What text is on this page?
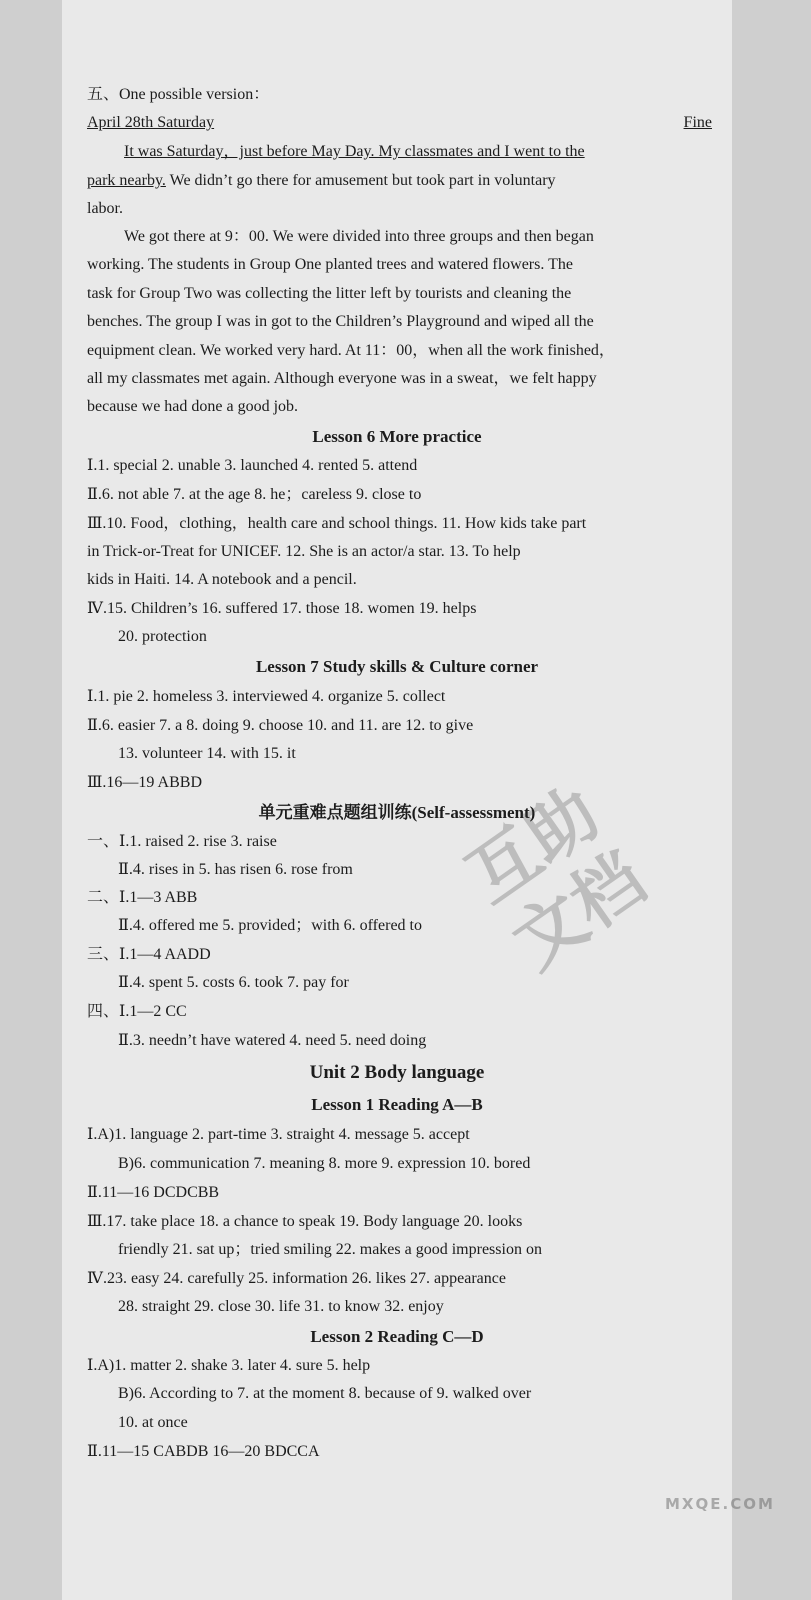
五、One possible version：
April 28th Saturday	Fine
It was Saturday，just before May Day. My classmates and I went to the
park nearby. We didn’t go there for amusement but took part in voluntary
labor.
We got there at 9：00. We were divided into three groups and then began
working. The students in Group One planted trees and watered flowers. The
task for Group Two was collecting the litter left by tourists and cleaning the
benches. The group I was in got to the Children’s Playground and wiped all the
equipment clean. We worked very hard. At 11：00，when all the work finished，
all my classmates met again. Although everyone was in a sweat，we felt happy
because we had done a good job.
Lesson 6 More practice
Ⅰ.1. special 2. unable 3. launched 4. rented 5. attend
Ⅱ.6. not able 7. at the age 8. he；careless 9. close to
Ⅲ.10. Food，clothing，health care and school things. 11. How kids take part
in Trick-or-Treat for UNICEF. 12. She is an actor/a star. 13. To help
kids in Haiti. 14. A notebook and a pencil.
Ⅳ.15. Children’s 16. suffered 17. those 18. women 19. helps
20. protection
Lesson 7 Study skills & Culture corner
Ⅰ.1. pie 2. homeless 3. interviewed 4. organize 5. collect
Ⅱ.6. easier 7. a 8. doing 9. choose 10. and 11. are 12. to give
13. volunteer 14. with 15. it
Ⅲ.16—19 ABBD
单元重难点题组训练(Self-assessment)
一、Ⅰ.1. raised 2. rise 3. raise
Ⅱ.4. rises in 5. has risen 6. rose from
二、Ⅰ.1—3 ABB
Ⅱ.4. offered me 5. provided；with 6. offered to
三、Ⅰ.1—4 AADD
Ⅱ.4. spent 5. costs 6. took 7. pay for
四、Ⅰ.1—2 CC
Ⅱ.3. needn’t have watered 4. need 5. need doing
Unit 2 Body language
Lesson 1 Reading A—B
Ⅰ.A)1. language 2. part-time 3. straight 4. message 5. accept
B)6. communication 7. meaning 8. more 9. expression 10. bored
Ⅱ.11—16 DCDCBB
Ⅲ.17. take place 18. a chance to speak 19. Body language 20. looks
friendly 21. sat up；tried smiling 22. makes a good impression on
Ⅳ.23. easy 24. carefully 25. information 26. likes 27. appearance
28. straight 29. close 30. life 31. to know 32. enjoy
Lesson 2 Reading C—D
Ⅰ.A)1. matter 2. shake 3. later 4. sure 5. help
B)6. According to 7. at the moment 8. because of 9. walked over
10. at once
Ⅱ.11—15 CABDB 16—20 BDCCA
互助文档
MXQE.COM
